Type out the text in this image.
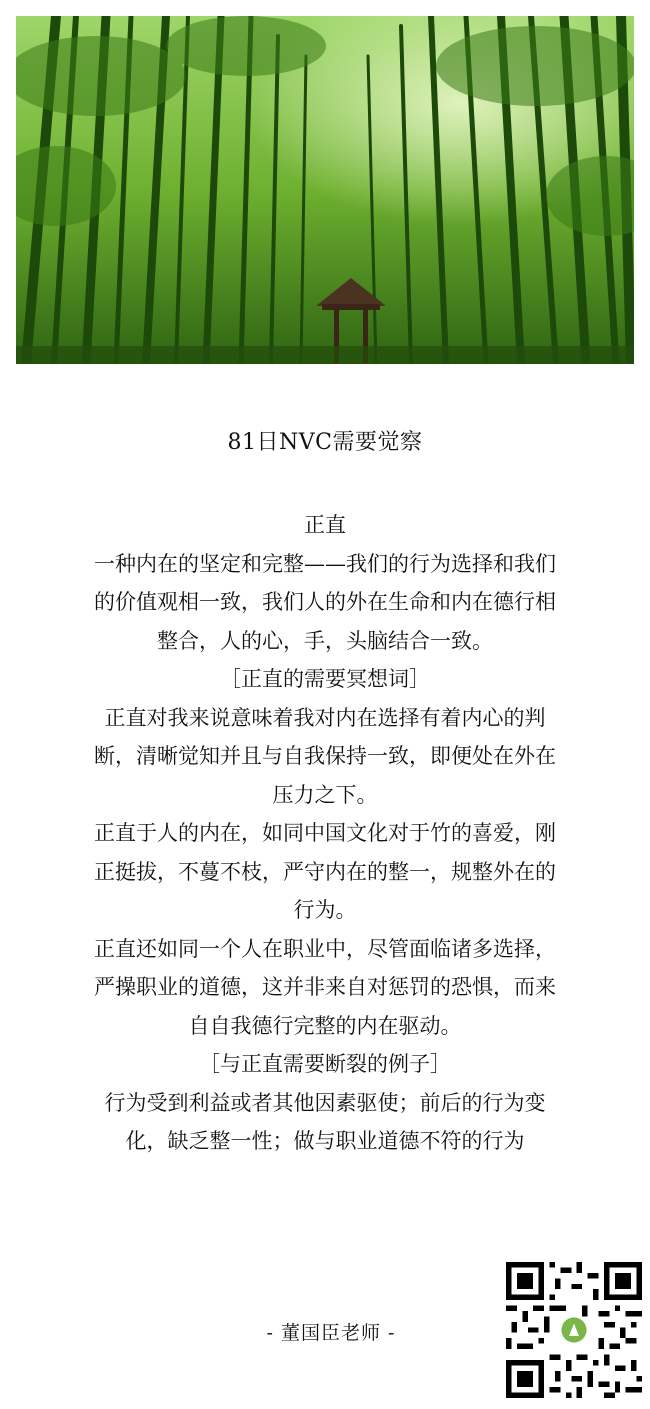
81日NVC需要觉察

正直

一种内在的坚定和完整——我们的行为选择和我们的价值观相一致，我们人的外在生命和内在德行相整合，人的心，手，头脑结合一致。

［正直的需要冥想词］

正直对我来说意味着我对内在选择有着内心的判断，清晰觉知并且与自我保持一致，即便处在外在压力之下。

正直于人的内在，如同中国文化对于竹的喜爱，刚正挺拔，不蔓不枝，严守内在的整一，规整外在的行为。

正直还如同一个人在职业中，尽管面临诸多选择，严操职业的道德，这并非来自对惩罚的恐惧，而来自自我德行完整的内在驱动。

［与正直需要断裂的例子］

行为受到利益或者其他因素驱使；前后的行为变化，缺乏整一性；做与职业道德不符的行为

- 董国臣老师 -
